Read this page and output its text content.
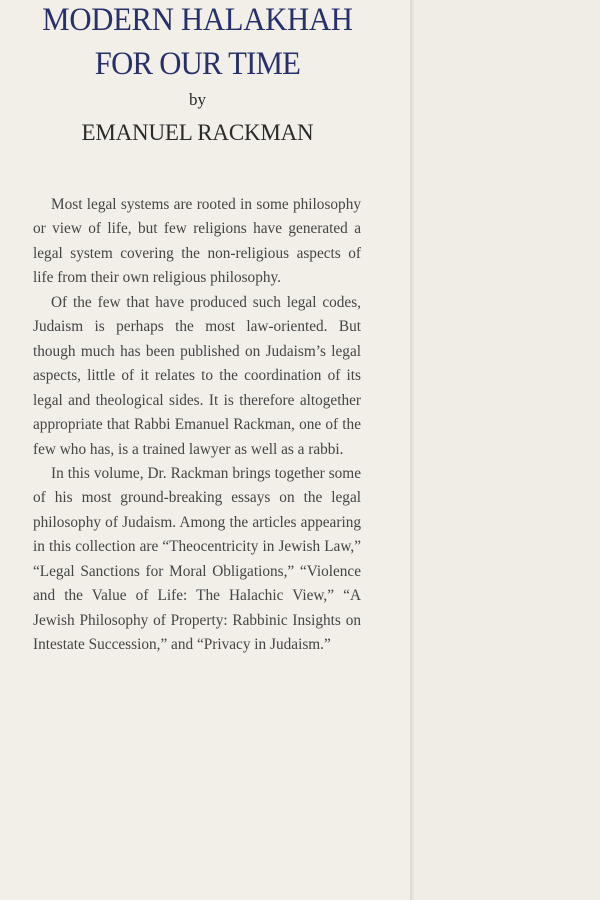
MODERN HALAKHAH
FOR OUR TIME
by
EMANUEL RACKMAN

Most legal systems are rooted in some philosophy or view of life, but few religions have generated a legal system covering the non-religious aspects of life from their own religious philosophy.

Of the few that have produced such legal codes, Judaism is perhaps the most law-oriented. But though much has been published on Judaism’s legal aspects, little of it relates to the coordination of its legal and theological sides. It is therefore altogether appropriate that Rabbi Emanuel Rackman, one of the few who has, is a trained lawyer as well as a rabbi.

In this volume, Dr. Rackman brings together some of his most ground-breaking essays on the legal philosophy of Judaism. Among the articles appearing in this collection are “Theocentricity in Jewish Law,” “Legal Sanctions for Moral Obligations,” “Violence and the Value of Life: The Halachic View,” “A Jewish Philosophy of Property: Rabbinic Insights on Intestate Succession,” and “Privacy in Judaism.”
